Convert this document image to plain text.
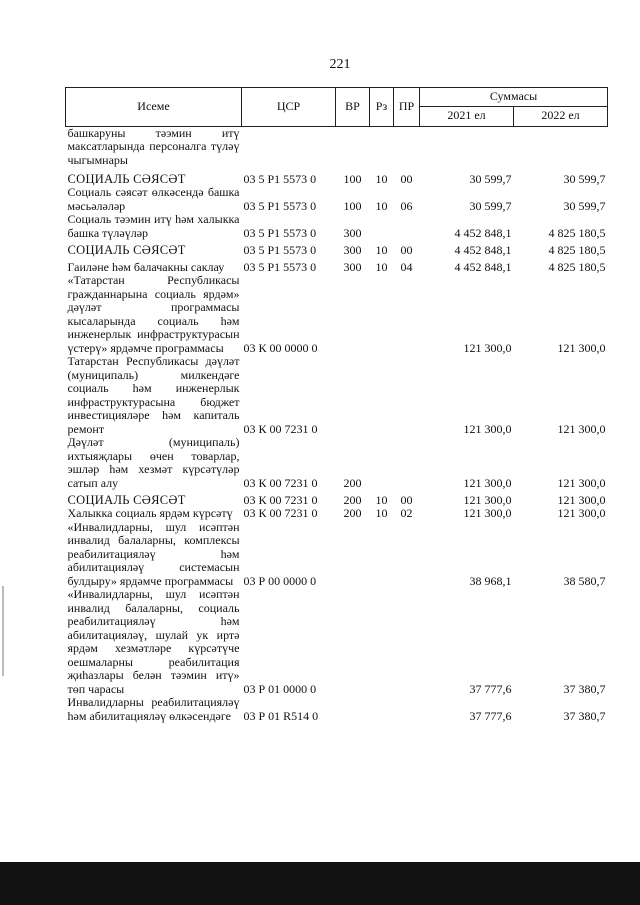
221
Исеме	ЦСР	ВР	Рз	ПР	Суммасы	
					2021 ел	2022 ел
башкаруны тәэмин итү макcатларында персоналга түләү чыгымнары						
СОЦИАЛЬ СӘЯСӘТ	03 5 Р1 5573 0	100	10	00	30 599,7	30 599,7
Социаль сәясәт өлкәсендә башка мәсьәләләр	03 5 Р1 5573 0	100	10	06	30 599,7	30 599,7
Социаль тәэмин итү һәм халыкка башка түләүләр	03 5 Р1 5573 0	300			4 452 848,1	4 825 180,5
СОЦИАЛЬ СӘЯСӘТ	03 5 Р1 5573 0	300	10	00	4 452 848,1	4 825 180,5
Гаиләне һәм балачакны саклау	03 5 Р1 5573 0	300	10	04	4 452 848,1	4 825 180,5
«Татарстан Республикасы гражданнарына социаль ярдәм» дәүләт программасы кысаларында социаль һәм инженерлык инфраструктурасын үстерү» ярдәмче программасы	03 К 00 0000 0				121 300,0	121 300,0
Татарстан Республикасы дәүләт (муниципаль) милкендәге социаль һәм инженерлык инфраструктурасына бюджет инвестицияләре һәм капиталь ремонт	03 К 00 7231 0				121 300,0	121 300,0
Дәүләт (муниципаль) ихтыяҗлары өчен товарлар, эшләр һәм хезмәт күрсәтүләр сатып алу	03 К 00 7231 0	200			121 300,0	121 300,0
СОЦИАЛЬ СӘЯСӘТ	03 К 00 7231 0	200	10	00	121 300,0	121 300,0
Халыкка социаль ярдәм күрсәтү	03 К 00 7231 0	200	10	02	121 300,0	121 300,0
«Инвалидларны, шул исәптән инвалид балаларны, комплексы реабилитацияләү һәм абилитацияләү системасын булдыру» ярдәмче программасы	03 Р 00 0000 0				38 968,1	38 580,7
«Инвалидларны, шул исәптән инвалид балаларны, социаль реабилитацияләү һәм абилитацияләү, шулай ук иртә ярдәм хезмәтләре күрсәтүче оешмаларны реабилитация җиһазлары белән тәэмин итү» төп чарасы	03 Р 01 0000 0				37 777,6	37 380,7
Инвалидларны реабилитацияләү һәм абилитацияләү өлкәсендәге	03 Р 01 R514 0				37 777,6	37 380,7
